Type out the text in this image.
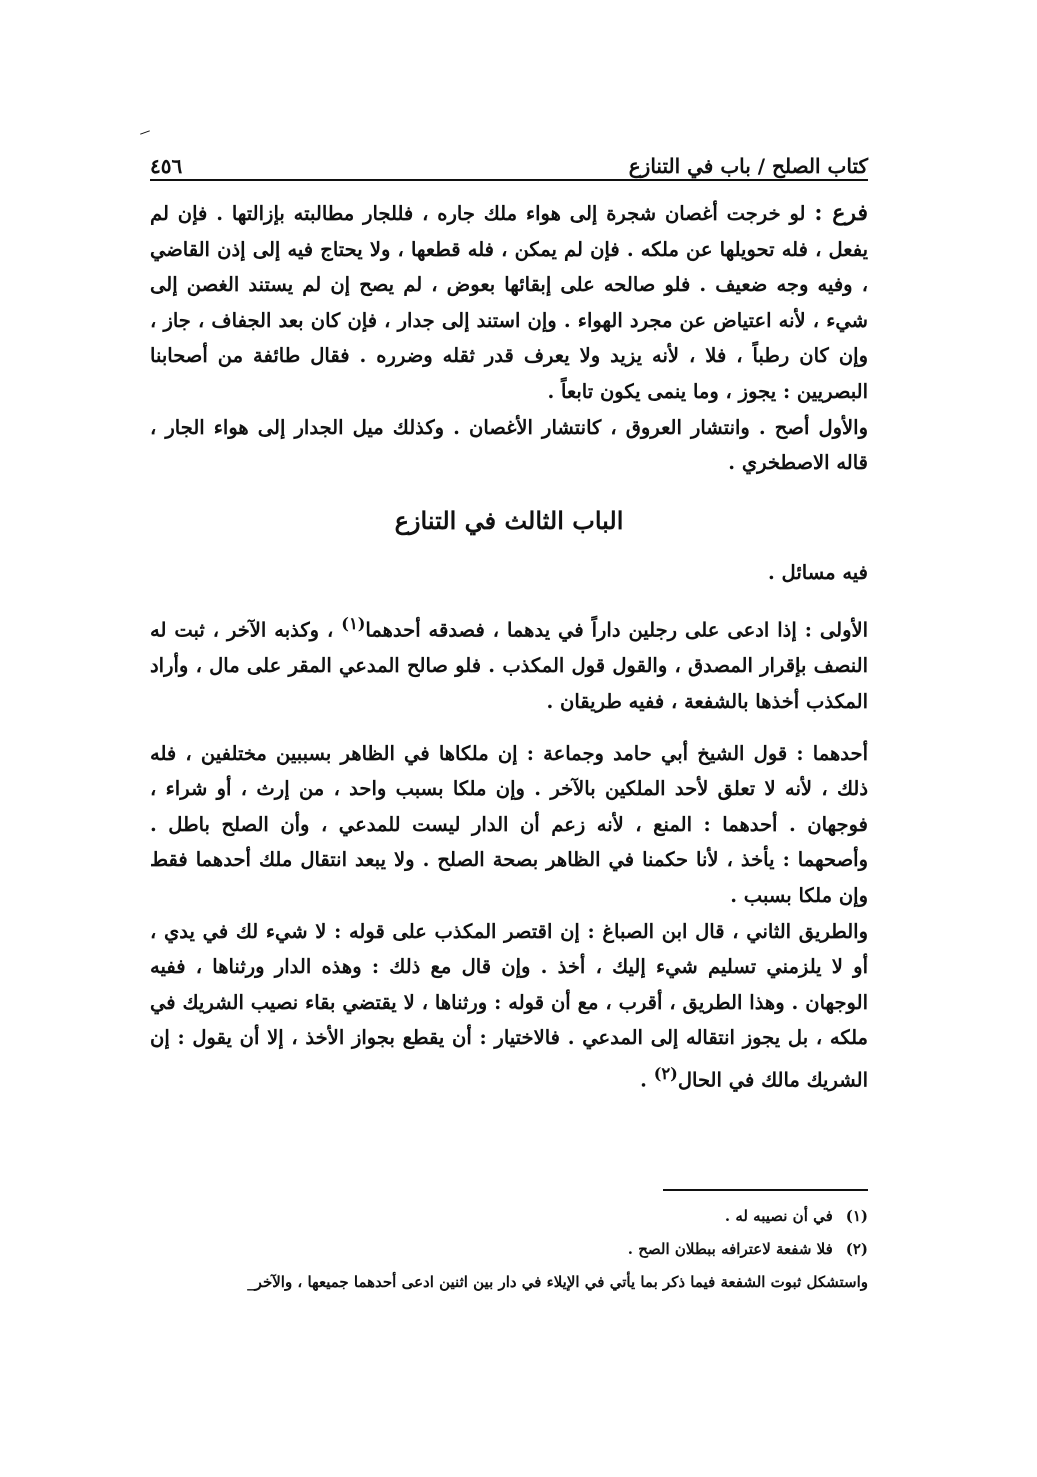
كتاب الصلح / باب في التنازع
٤٥٦

فرع : لو خرجت أغصان شجرة إلى هواء ملك جاره ، فللجار مطالبته بإزالتها . فإن لم يفعل ، فله تحويلها عن ملكه . فإن لم يمكن ، فله قطعها ، ولا يحتاج فيه إلى إذن القاضي ، وفيه وجه ضعيف . فلو صالحه على إبقائها بعوض ، لم يصح إن لم يستند الغصن إلى شيء ، لأنه اعتياض عن مجرد الهواء . وإن استند إلى جدار ، فإن كان بعد الجفاف ، جاز ، وإن كان رطباً ، فلا ، لأنه يزيد ولا يعرف قدر ثقله وضرره . فقال طائفة من أصحابنا البصريين : يجوز ، وما ينمى يكون تابعاً .

والأول أصح . وانتشار العروق ، كانتشار الأغصان . وكذلك ميل الجدار إلى هواء الجار ، قاله الاصطخري .

الباب الثالث في التنازع

فيه مسائل .

الأولى : إذا ادعى على رجلين داراً في يدهما ، فصدقه أحدهما$^{(١)}$ ، وكذبه الآخر ، ثبت له النصف بإقرار المصدق ، والقول قول المكذب . فلو صالح المدعي المقر على مال ، وأراد المكذب أخذها بالشفعة ، ففيه طريقان .

أحدهما : قول الشيخ أبي حامد وجماعة : إن ملكاها في الظاهر بسببين مختلفين ، فله ذلك ، لأنه لا تعلق لأحد الملكين بالآخر . وإن ملكا بسبب واحد ، من إرث ، أو شراء ، فوجهان . أحدهما : المنع ، لأنه زعم أن الدار ليست للمدعي ، وأن الصلح باطل . وأصحهما : يأخذ ، لأنا حكمنا في الظاهر بصحة الصلح . ولا يبعد انتقال ملك أحدهما فقط وإن ملكا بسبب .

والطريق الثاني ، قال ابن الصباغ : إن اقتصر المكذب على قوله : لا شيء لك في يدي ، أو لا يلزمني تسليم شيء إليك ، أخذ . وإن قال مع ذلك : وهذه الدار ورثناها ، ففيه الوجهان . وهذا الطريق ، أقرب ، مع أن قوله : ورثناها ، لا يقتضي بقاء نصيب الشريك في ملكه ، بل يجوز انتقاله إلى المدعي . فالاختيار : أن يقطع بجواز الأخذ ، إلا أن يقول : إن الشريك مالك في الحال$^{(٢)}$ .

(١) في أن نصيبه له .

(٢) فلا شفعة لاعترافه ببطلان الصح .

واستشكل ثبوت الشفعة فيما ذكر بما يأتي في الإيلاء في دار بين اثنين ادعى أحدهما جميعها ، والآخر_
